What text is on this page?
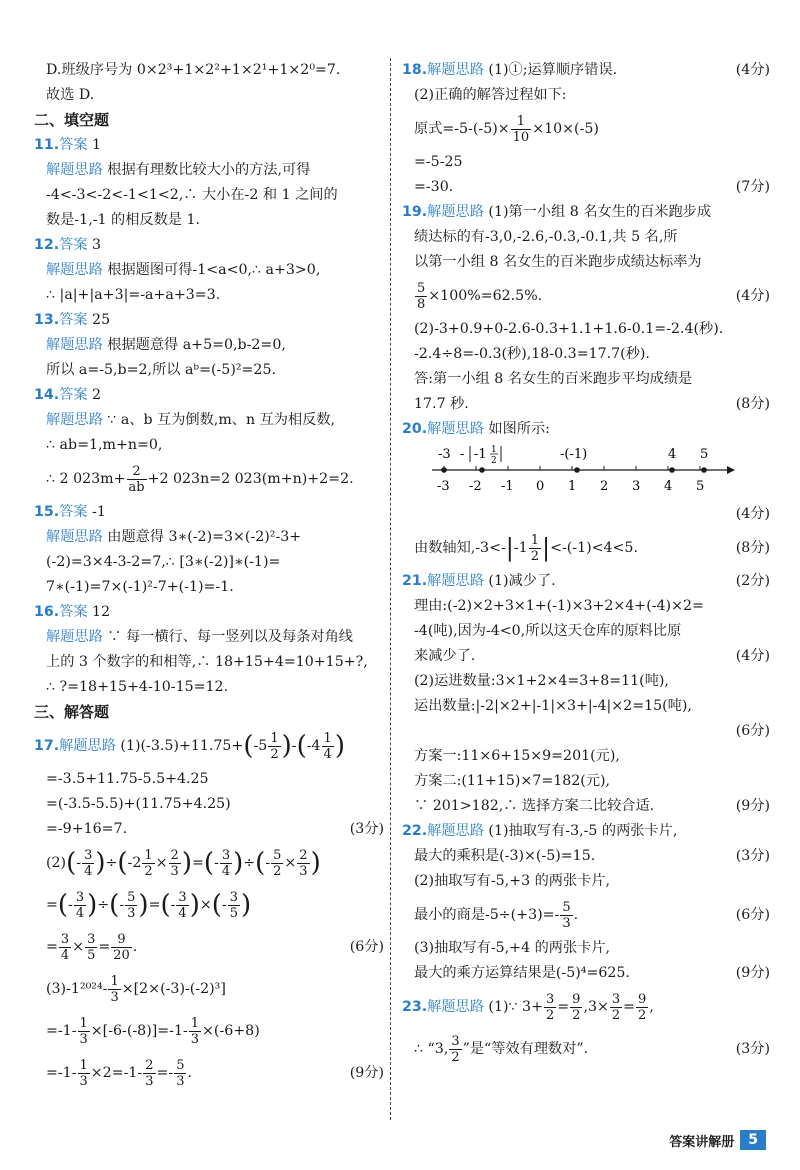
D.班级序号为 0×2³+1×2²+1×2¹+1×2⁰=7.
故选 D.
二、填空题
11.答案 1
解题思路 根据有理数比较大小的方法,可得
-4<-3<-2<-1<1<2,∴ 大小在-2 和 1 之间的
数是-1,-1 的相反数是 1.
12.答案 3
解题思路 根据题图可得-1<a<0,∴ a+3>0,
∴ |a|+|a+3|=-a+a+3=3.
13.答案 25
解题思路 根据题意得 a+5=0,b-2=0,
所以 a=-5,b=2,所以 aᵇ=(-5)²=25.
14.答案 2
解题思路 ∵ a、b 互为倒数,m、n 互为相反数,
∴ ab=1,m+n=0,
∴ 2 $023m+ \frac{2}{ab} +2$ 023n=2 023(m+n)+2=2.
15.答案 -1
解题思路 由题意得 3∗(-2)=3×(-2)²-3+
(-2)=3×4-3-2=7,∴ [3∗(-2)]∗(-1)=
7∗(-1)=7×(-1)²-7+(-1)=-1.
16.答案 12
解题思路 ∵ 每一横行、每一竖列以及每条对角线
上的 3 个数字的和相等,∴ 18+15+4=10+15+?,
∴ ?=18+15+4-10-15=12.
三、解答题
17.解题思路 $(1)(-3.5)+11.75+(-5 \frac{1}{2} )-(-4 \frac{1}{4}$ )
=-3.5+11.75-5.5+4.25
=(-3.5-5.5)+(11.75+4.25)
=-9+16=7.	(3分)
$(2)(- \frac{3}{4} )\div(-2 \frac{1}{2} \times \frac{2}{3}$ )=(- $\frac{3}{4}$ )÷(- $\frac{5}{2} \times \frac{2}{3}$ )
=(- $\frac{3}{4}$ )÷(- $\frac{5}{3}$ )=(- $\frac{3}{4}$ )×(- $\frac{3}{5}$ )
= $\frac{3}{4} \times \frac{3}{5} = \frac{9}{20}$ .	(6分)
$(3)-1^{2024}- \frac{1}{3} \times[2\times(-3)-(-2)^3]$
$=-1- \frac{1}{3} \times[-6-(-8)]=-1- \frac{1}{3} \times(-6+8)$
$=-1- \frac{1}{3} \times 2=-1- \frac{2}{3} =- \frac{5}{3}$ .	(9分)
18.解题思路 (1)①;运算顺序错误.	(4分)
(2)正确的解答过程如下:
原式$=-5-(-5)\times \frac{1}{10} \times 10\times(-5)$
=-5-25
=-30.	(7分)
19.解题思路 (1)第一小组 8 名女生的百米跑步成
绩达标的有-3,0,-2.6,-0.3,-0.1,共 5 名,所
以第一小组 8 名女生的百米跑步成绩达标率为
$\frac{5}{8} \times 100\%=62.5\%$.	(4分)
(2)-3+0.9+0-2.6-0.3+1.1+1.6-0.1=-2.4(秒).
-2.4÷8=-0.3(秒),18-0.3=17.7(秒).
答:第一小组 8 名女生的百米跑步平均成绩是
17.7 秒.	(8分)
20.解题思路 如图所示:
-3 -2 -1 0 1 2 3 4 5
-3 - -1 1
2	-(-1)	4 5
(4分)
由数轴知$,-3<-|-1 \frac{1}{2} |<-(-1)<4<5$.	(8分)
21.解题思路 (1)减少了.	(2分)
理由:(-2)×2+3×1+(-1)×3+2×4+(-4)×2=
-4(吨),因为-4<0,所以这天仓库的原料比原
来减少了.	(4分)
(2)运进数量:3×1+2×4=3+8=11(吨),
运出数量:|-2|×2+|-1|×3+|-4|×2=15(吨),
(6分)
方案一:11×6+15×9=201(元),
方案二:(11+15)×7=182(元),
∵ 201>182,∴ 选择方案二比较合适.	(9分)
22.解题思路 (1)抽取写有-3,-5 的两张卡片,
最大的乘积是(-3)×(-5)=15.	(3分)
(2)抽取写有-5,+3 的两张卡片,
最小的商是$-5\div(+3)=- \frac{5}{3}$ .	(6分)
(3)抽取写有-5,+4 的两张卡片,
最大的乘方运算结果是(-5)⁴=625.	(9分)
23.解题思路 (1)∵ $3+ \frac{3}{2} = \frac{9}{2} ,3\times \frac{3}{2} = \frac{9}{2}$ ,
∴ “3, $\frac{3}{2}$ ”是“等效有理数对”.	(3分)
答案讲解册	5
